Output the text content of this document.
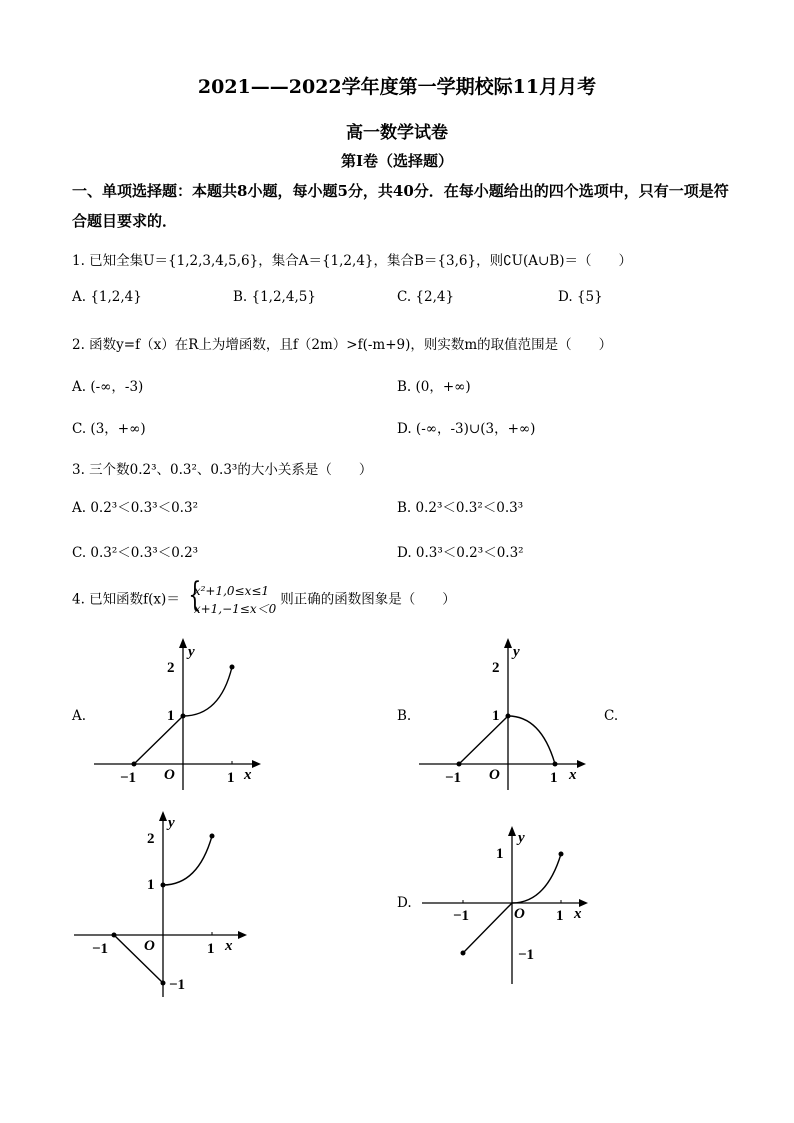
2021——2022学年度第一学期校际11月月考
高一数学试卷
第I卷（选择题）
一、单项选择题：本题共8小题，每小题5分，共40分．在每小题给出的四个选项中，只有一项是符合题目要求的．
1. 已知全集U＝{1,2,3,4,5,6}，集合A＝{1,2,4}，集合B＝{3,6}，则∁U(A∪B)＝（　　）
A. {1,2,4}	B. {1,2,4,5}	C. {2,4}	D. {5}
2. 函数y=f（x）在R上为增函数，且f（2m）>f(-m+9)，则实数m的取值范围是（　　）
A. (-∞，-3)	B. (0，+∞)
C. (3，+∞)	D. (-∞，-3)∪(3，+∞)
3. 三个数0.2³、0.3²、0.3³的大小关系是（　　）
A. 0.2³＜0.3³＜0.3²	B. 0.2³＜0.3²＜0.3³
C. 0.3²＜0.3³＜0.2³	D. 0.3³＜0.2³＜0.3²
4. 已知函数f(x)＝ {
x²+1,0≤x≤1
x+1,−1≤x＜0
则正确的函数图象是（　　）
A.	B.	C.
D.
y
x
O
2
1
−1	1
y
x
O
2
1
−1	1
y
x
O
2
1
−1	1
−1
y
x
O
1
−1	1
−1
